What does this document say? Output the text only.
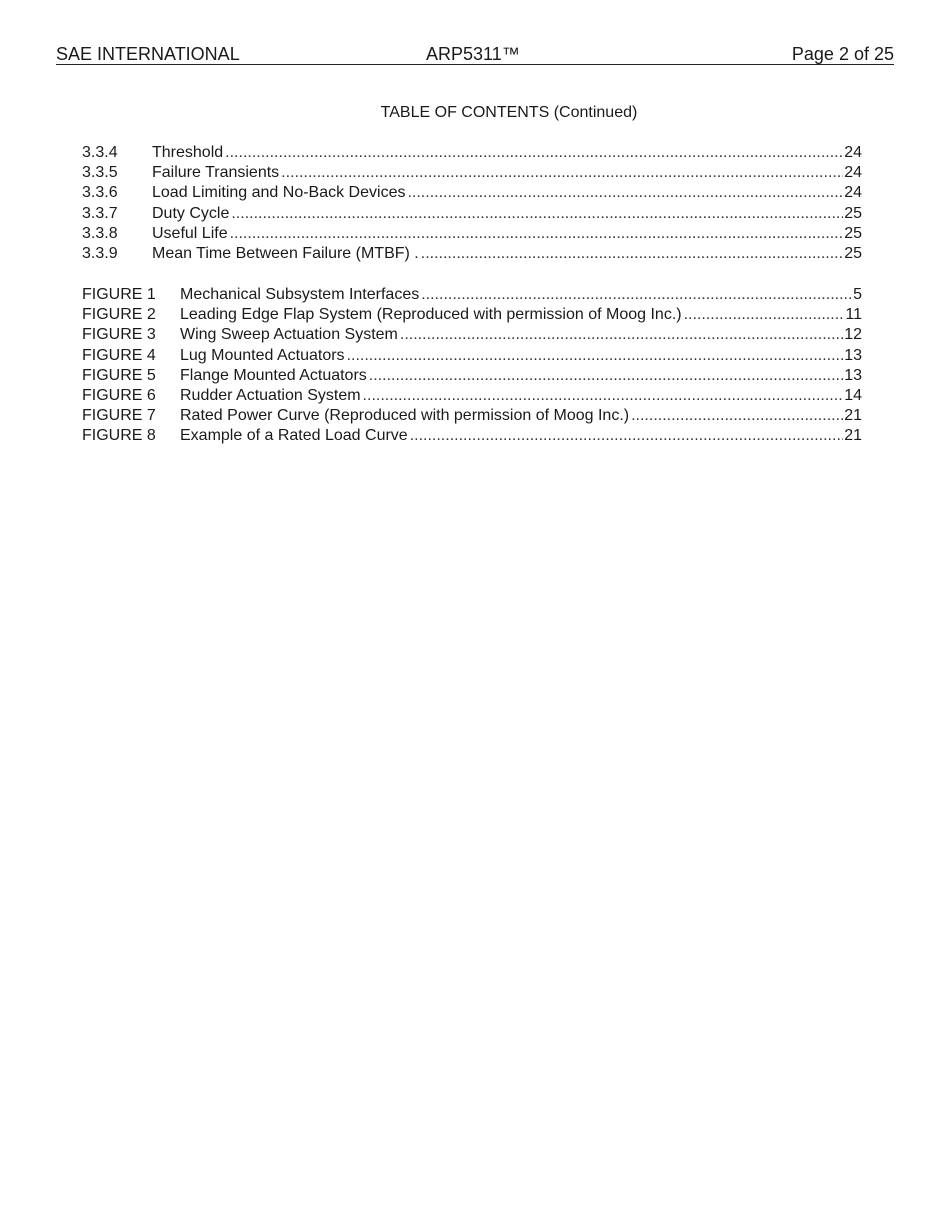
SAE INTERNATIONAL	ARP5311™	Page 2 of 25
TABLE OF CONTENTS (Continued)
3.3.4	Threshold .....	24
3.3.5	Failure Transients .....	24
3.3.6	Load Limiting and No-Back Devices .....	24
3.3.7	Duty Cycle .....	25
3.3.8	Useful Life .....	25
3.3.9	Mean Time Between Failure (MTBF) . .....	25
FIGURE 1	Mechanical Subsystem Interfaces .....	5
FIGURE 2	Leading Edge Flap System (Reproduced with permission of Moog Inc.) .....	11
FIGURE 3	Wing Sweep Actuation System .....	12
FIGURE 4	Lug Mounted Actuators .....	13
FIGURE 5	Flange Mounted Actuators .....	13
FIGURE 6	Rudder Actuation System .....	14
FIGURE 7	Rated Power Curve (Reproduced with permission of Moog Inc.) .....	21
FIGURE 8	Example of a Rated Load Curve .....	21
